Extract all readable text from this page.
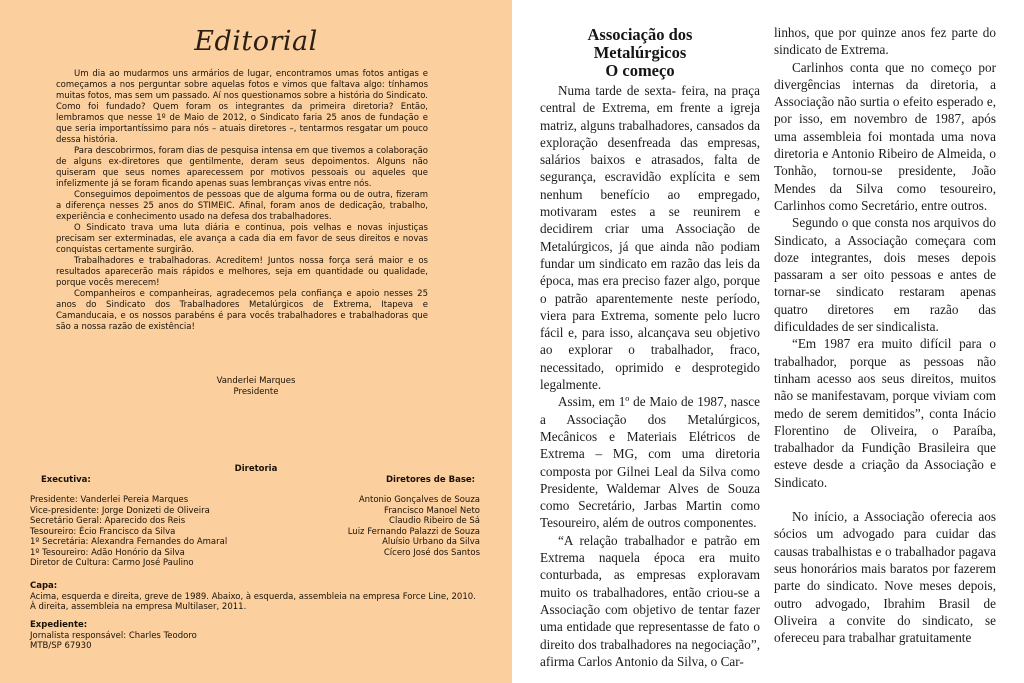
Editorial

Um dia ao mudarmos uns armários de lugar, encontramos umas fotos antigas e começamos a nos perguntar sobre aquelas fotos e vimos que faltava algo: tínhamos muitas fotos, mas sem um passado. Aí nos questionamos sobre a história do Sindicato. Como foi fundado? Quem foram os integrantes da primeira diretoria? Então, lembramos que nesse 1º de Maio de 2012, o Sindicato faria 25 anos de fundação e que seria importantíssimo para nós – atuais diretores –, tentarmos resgatar um pouco dessa história.

Para descobrirmos, foram dias de pesquisa intensa em que tivemos a colaboração de alguns ex-diretores que gentilmente, deram seus depoimentos. Alguns não quiseram que seus nomes aparecessem por motivos pessoais ou aqueles que infelizmente já se foram ficando apenas suas lembranças vivas entre nós.

Conseguimos depoimentos de pessoas que de alguma forma ou de outra, fizeram a diferença nesses 25 anos do STIMEIC. Afinal, foram anos de dedicação, trabalho, experiência e conhecimento usado na defesa dos trabalhadores.

O Sindicato trava uma luta diária e continua, pois velhas e novas injustiças precisam ser exterminadas, ele avança a cada dia em favor de seus direitos e novas conquistas certamente surgirão.

Trabalhadores e trabalhadoras. Acreditem! Juntos nossa força será maior e os resultados aparecerão mais rápidos e melhores, seja em quantidade ou qualidade, porque vocês merecem!

Companheiros e companheiras, agradecemos pela confiança e apoio nesses 25 anos do Sindicato dos Trabalhadores Metalúrgicos de Extrema, Itapeva e Camanducaia, e os nossos parabéns é para vocês trabalhadores e trabalhadoras que são a nossa razão de existência!

Vanderlei Marques
Presidente
Diretoria
Executiva:	Diretores de Base:
Presidente: Vanderlei Pereia Marques
Vice-presidente: Jorge Donizeti de Oliveira
Secretário Geral: Aparecido dos Reis
Tesoureiro: Écio Francisco da Silva
1º Secretária: Alexandra Fernandes do Amaral
1º Tesoureiro: Adão Honório da Silva
Diretor de Cultura: Carmo José Paulino
Antonio Gonçalves de Souza
Francisco Manoel Neto
Claudio Ribeiro de Sá
Luiz Fernando Palazzi de Souza
Aluísio Urbano da Silva
Cícero José dos Santos
Capa:
Acima, esquerda e direita, greve de 1989. Abaixo, à esquerda, assembleia na empresa Force Line, 2010.
À direita, assembleia na empresa Multilaser, 2011.
Expediente:
Jornalista responsável: Charles Teodoro
MTB/SP 67930
Associação dos Metalúrgicos
O começo

Numa tarde de sexta- feira, na praça central de Extrema, em frente a igreja matriz, alguns trabalhadores, cansados da exploração desenfreada das empresas, salários baixos e atrasados, falta de segurança, escravidão explícita e sem nenhum benefício ao empregado, motivaram estes a se reunirem e decidirem criar uma Associação de Metalúrgicos, já que ainda não podiam fundar um sindicato em razão das leis da época, mas era preciso fazer algo, porque o patrão aparentemente neste período, viera para Extrema, somente pelo lucro fácil e, para isso, alcançava seu objetivo ao explorar o trabalhador, fraco, necessitado, oprimido e desprotegido legalmente.

Assim, em 1º de Maio de 1987, nasce a Associação dos Metalúrgicos, Mecânicos e Materiais Elétricos de Extrema – MG, com uma diretoria composta por Gilnei Leal da Silva como Presidente, Waldemar Alves de Souza como Secretário, Jarbas Martin como Tesoureiro, além de outros componentes.

“A relação trabalhador e patrão em Extrema naquela época era muito conturbada, as empresas exploravam muito os trabalhadores, então criou-se a Associação com objetivo de tentar fazer uma entidade que representasse de fato o direito dos trabalhadores na negociação”, afirma Carlos Antonio da Silva, o Car-

linhos, que por quinze anos fez parte do sindicato de Extrema.

Carlinhos conta que no começo por divergências internas da diretoria, a Associação não surtia o efeito esperado e, por isso, em novembro de 1987, após uma assembleia foi montada uma nova diretoria e Antonio Ribeiro de Almeida, o Tonhão, tornou-se presidente, João Mendes da Silva como tesoureiro, Carlinhos como Secretário, entre outros.

Segundo o que consta nos arquivos do Sindicato, a Associação começara com doze integrantes, dois meses depois passaram a ser oito pessoas e antes de tornar-se sindicato restaram apenas quatro diretores em razão das dificuldades de ser sindicalista.

“Em 1987 era muito difícil para o trabalhador, porque as pessoas não tinham acesso aos seus direitos, muitos não se manifestavam, porque viviam com medo de serem demitidos”, conta Inácio Florentino de Oliveira, o Paraíba, trabalhador da Fundição Brasileira que esteve desde a criação da Associação e Sindicato.

No início, a Associação oferecia aos sócios um advogado para cuidar das causas trabalhistas e o trabalhador pagava seus honorários mais baratos por fazerem parte do sindicato. Nove meses depois, outro advogado, Ibrahim Brasil de Oliveira a convite do sindicato, se ofereceu para trabalhar gratuitamente
